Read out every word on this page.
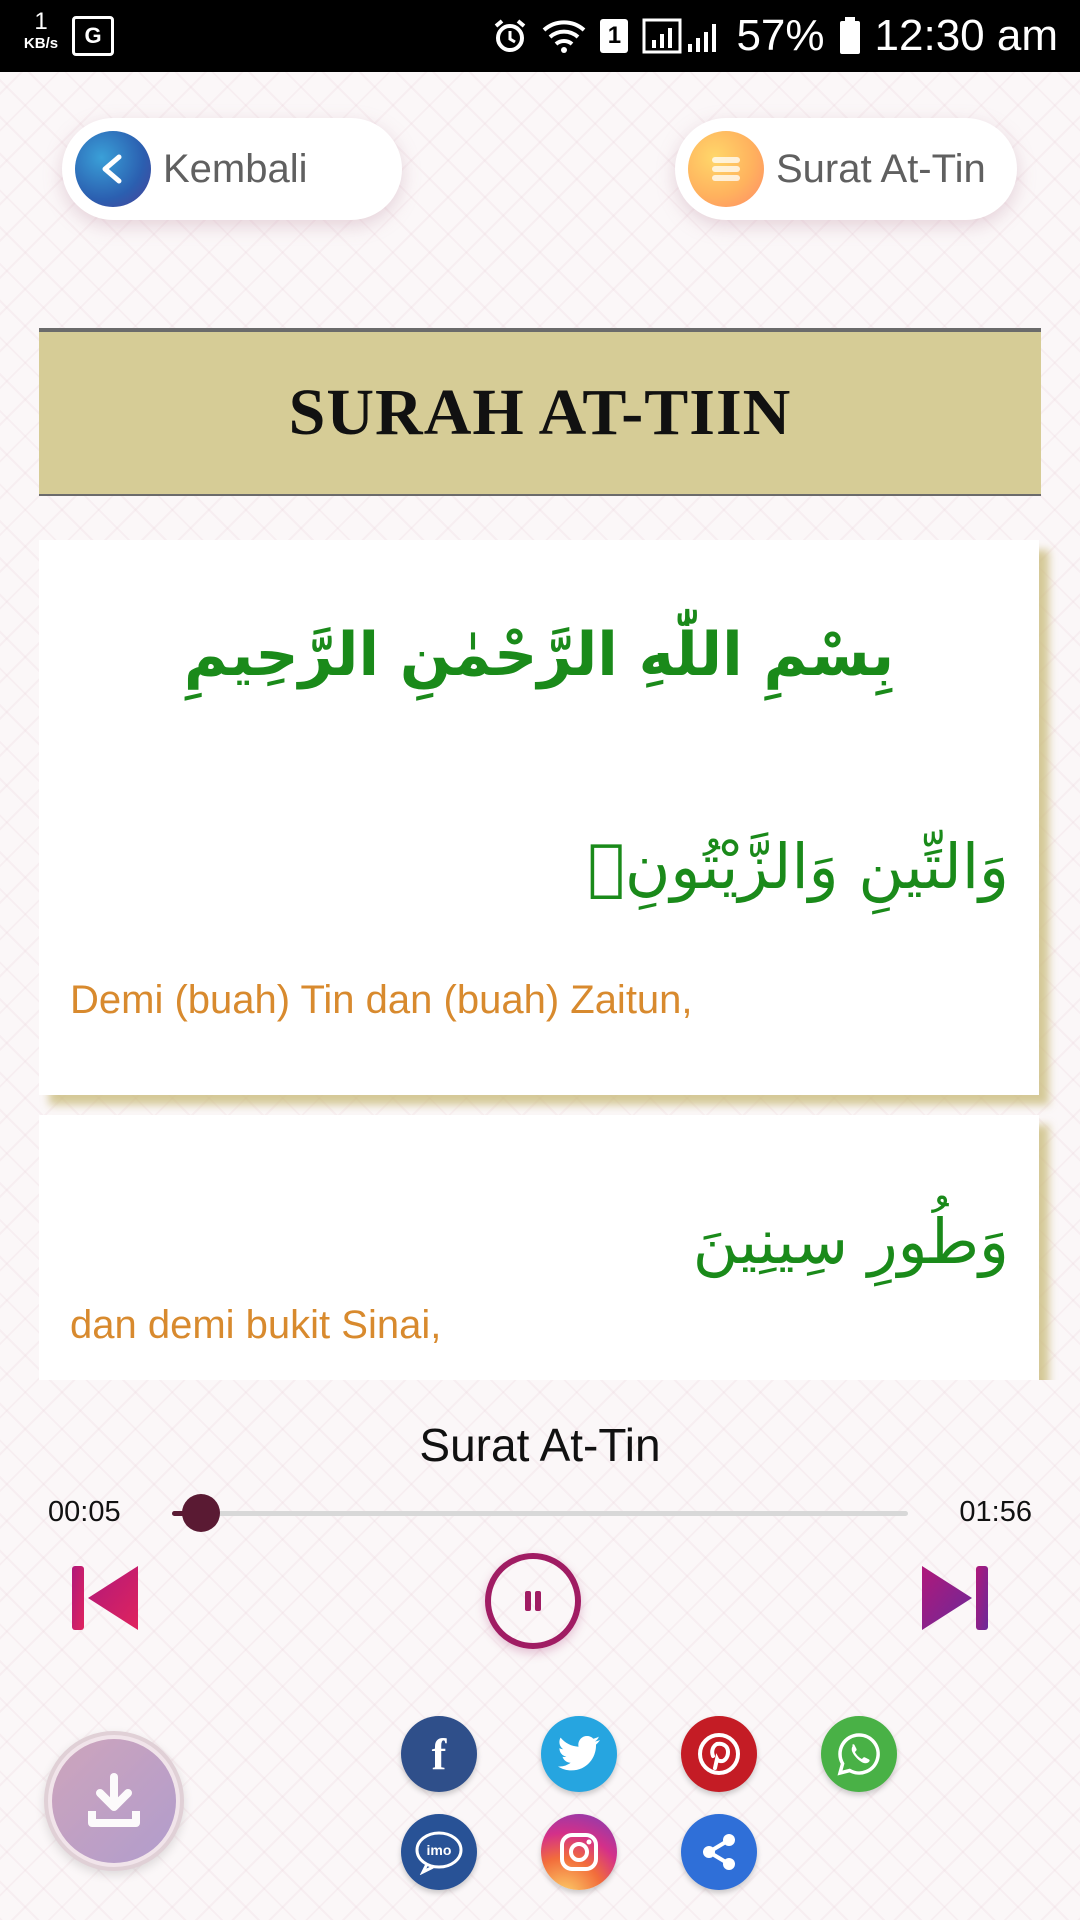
1
KB/s	G	1	57% 12:30 am
Kembali	Surat At-Tin
SURAH AT-TIIN
بِسْمِ اللّٰهِ الرَّحْمٰنِ الرَّحِيمِ
وَالتِّينِ وَالزَّيْتُونِۙ
Demi (buah) Tin dan (buah) Zaitun,
وَطُورِ سِينِينَ
dan demi bukit Sinai,
Surat At-Tin
00:05	01:56
f
imo
